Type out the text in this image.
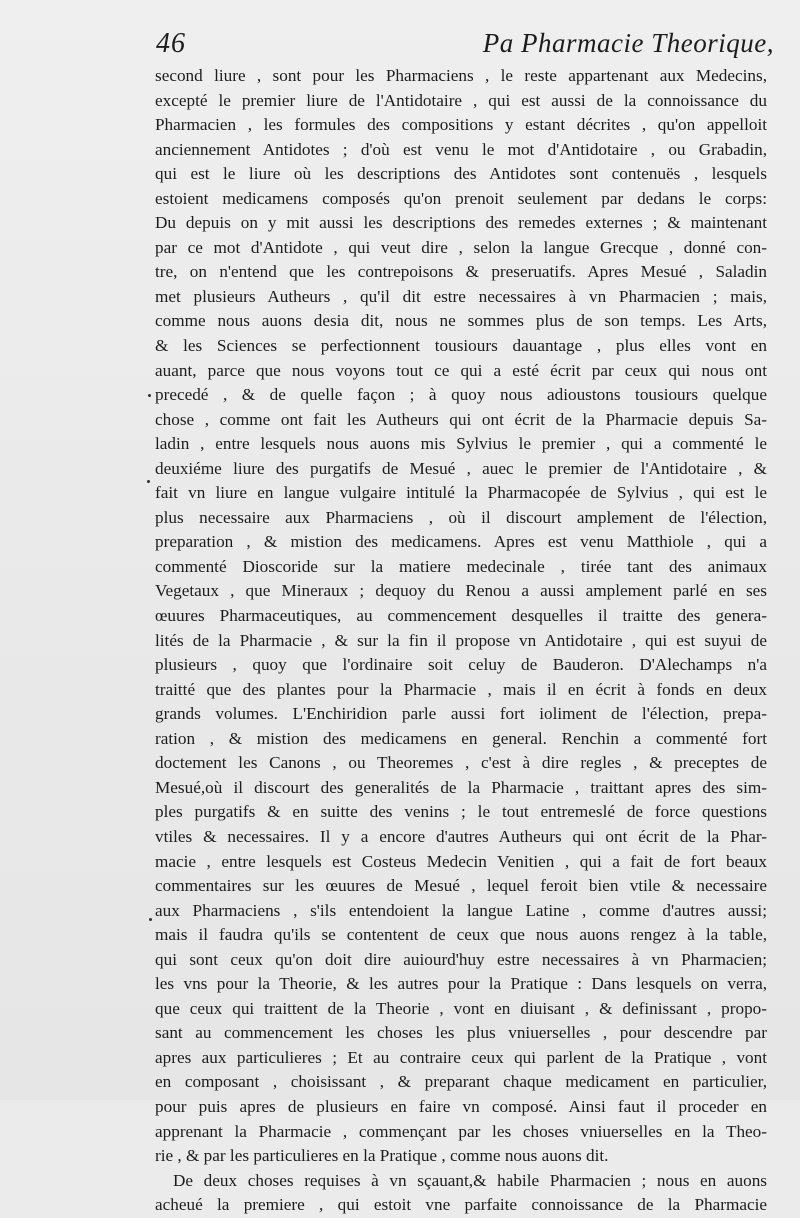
46	Pa Pharmacie Theorique,
second liure , sont pour les Pharmaciens , le reste appartenant aux Medecins,
excepté le premier liure de l'Antidotaire , qui est aussi de la connoissance du
Pharmacien , les formules des compositions y estant décrites , qu'on appelloit
anciennement Antidotes ; d'où est venu le mot d'Antidotaire , ou Grabadin,
qui est le liure où les descriptions des Antidotes sont contenuës , lesquels
estoient medicamens composés qu'on prenoit seulement par dedans le corps:
Du depuis on y mit aussi les descriptions des remedes externes ; & maintenant
par ce mot d'Antidote , qui veut dire , selon la langue Grecque , donné con-
tre, on n'entend que les contrepoisons & preseruatifs. Apres Mesué , Saladin
met plusieurs Autheurs , qu'il dit estre necessaires à vn Pharmacien ; mais,
comme nous auons desia dit, nous ne sommes plus de son temps. Les Arts,
& les Sciences se perfectionnent tousiours dauantage , plus elles vont en
auant, parce que nous voyons tout ce qui a esté écrit par ceux qui nous ont
precedé , & de quelle façon ; à quoy nous adioustons tousiours quelque
chose , comme ont fait les Autheurs qui ont écrit de la Pharmacie depuis Sa-
ladin , entre lesquels nous auons mis Sylvius le premier , qui a commenté le
deuxiéme liure des purgatifs de Mesué , auec le premier de l'Antidotaire , &
fait vn liure en langue vulgaire intitulé la Pharmacopée de Sylvius , qui est le
plus necessaire aux Pharmaciens , où il discourt amplement de l'élection,
preparation , & mistion des medicamens. Apres est venu Matthiole , qui a
commenté Dioscoride sur la matiere medecinale , tirée tant des animaux
Vegetaux , que Mineraux ; dequoy du Renou a aussi amplement parlé en ses
œuures Pharmaceutiques, au commencement desquelles il traitte des genera-
lités de la Pharmacie , & sur la fin il propose vn Antidotaire , qui est suyui de
plusieurs , quoy que l'ordinaire soit celuy de Bauderon. D'Alechamps n'a
traitté que des plantes pour la Pharmacie , mais il en écrit à fonds en deux
grands volumes. L'Enchiridion parle aussi fort ioliment de l'élection, prepa-
ration , & mistion des medicamens en general. Renchin a commenté fort
doctement les Canons , ou Theoremes , c'est à dire regles , & preceptes de
Mesué,où il discourt des generalités de la Pharmacie , traittant apres des sim-
ples purgatifs & en suitte des venins ; le tout entremeslé de force questions
vtiles & necessaires. Il y a encore d'autres Autheurs qui ont écrit de la Phar-
macie , entre lesquels est Costeus Medecin Venitien , qui a fait de fort beaux
commentaires sur les œuures de Mesué , lequel feroit bien vtile & necessaire
aux Pharmaciens , s'ils entendoient la langue Latine , comme d'autres aussi;
mais il faudra qu'ils se contentent de ceux que nous auons rengez à la table,
qui sont ceux qu'on doit dire auiourd'huy estre necessaires à vn Pharmacien;
les vns pour la Theorie, & les autres pour la Pratique : Dans lesquels on verra,
que ceux qui traittent de la Theorie , vont en diuisant , & definissant , propo-
sant au commencement les choses les plus vniuerselles , pour descendre par
apres aux particulieres ; Et au contraire ceux qui parlent de la Pratique , vont
en composant , choisissant , & preparant chaque medicament en particulier,
pour puis apres de plusieurs en faire vn composé. Ainsi faut il proceder en
apprenant la Pharmacie , commençant par les choses vniuerselles en la Theo-
rie , & par les particulieres en la Pratique , comme nous auons dit.
De deux choses requises à vn sçauant,& habile Pharmacien ; nous en auons
acheué la premiere , qui estoit vne parfaite connoissance de la Pharmacie
